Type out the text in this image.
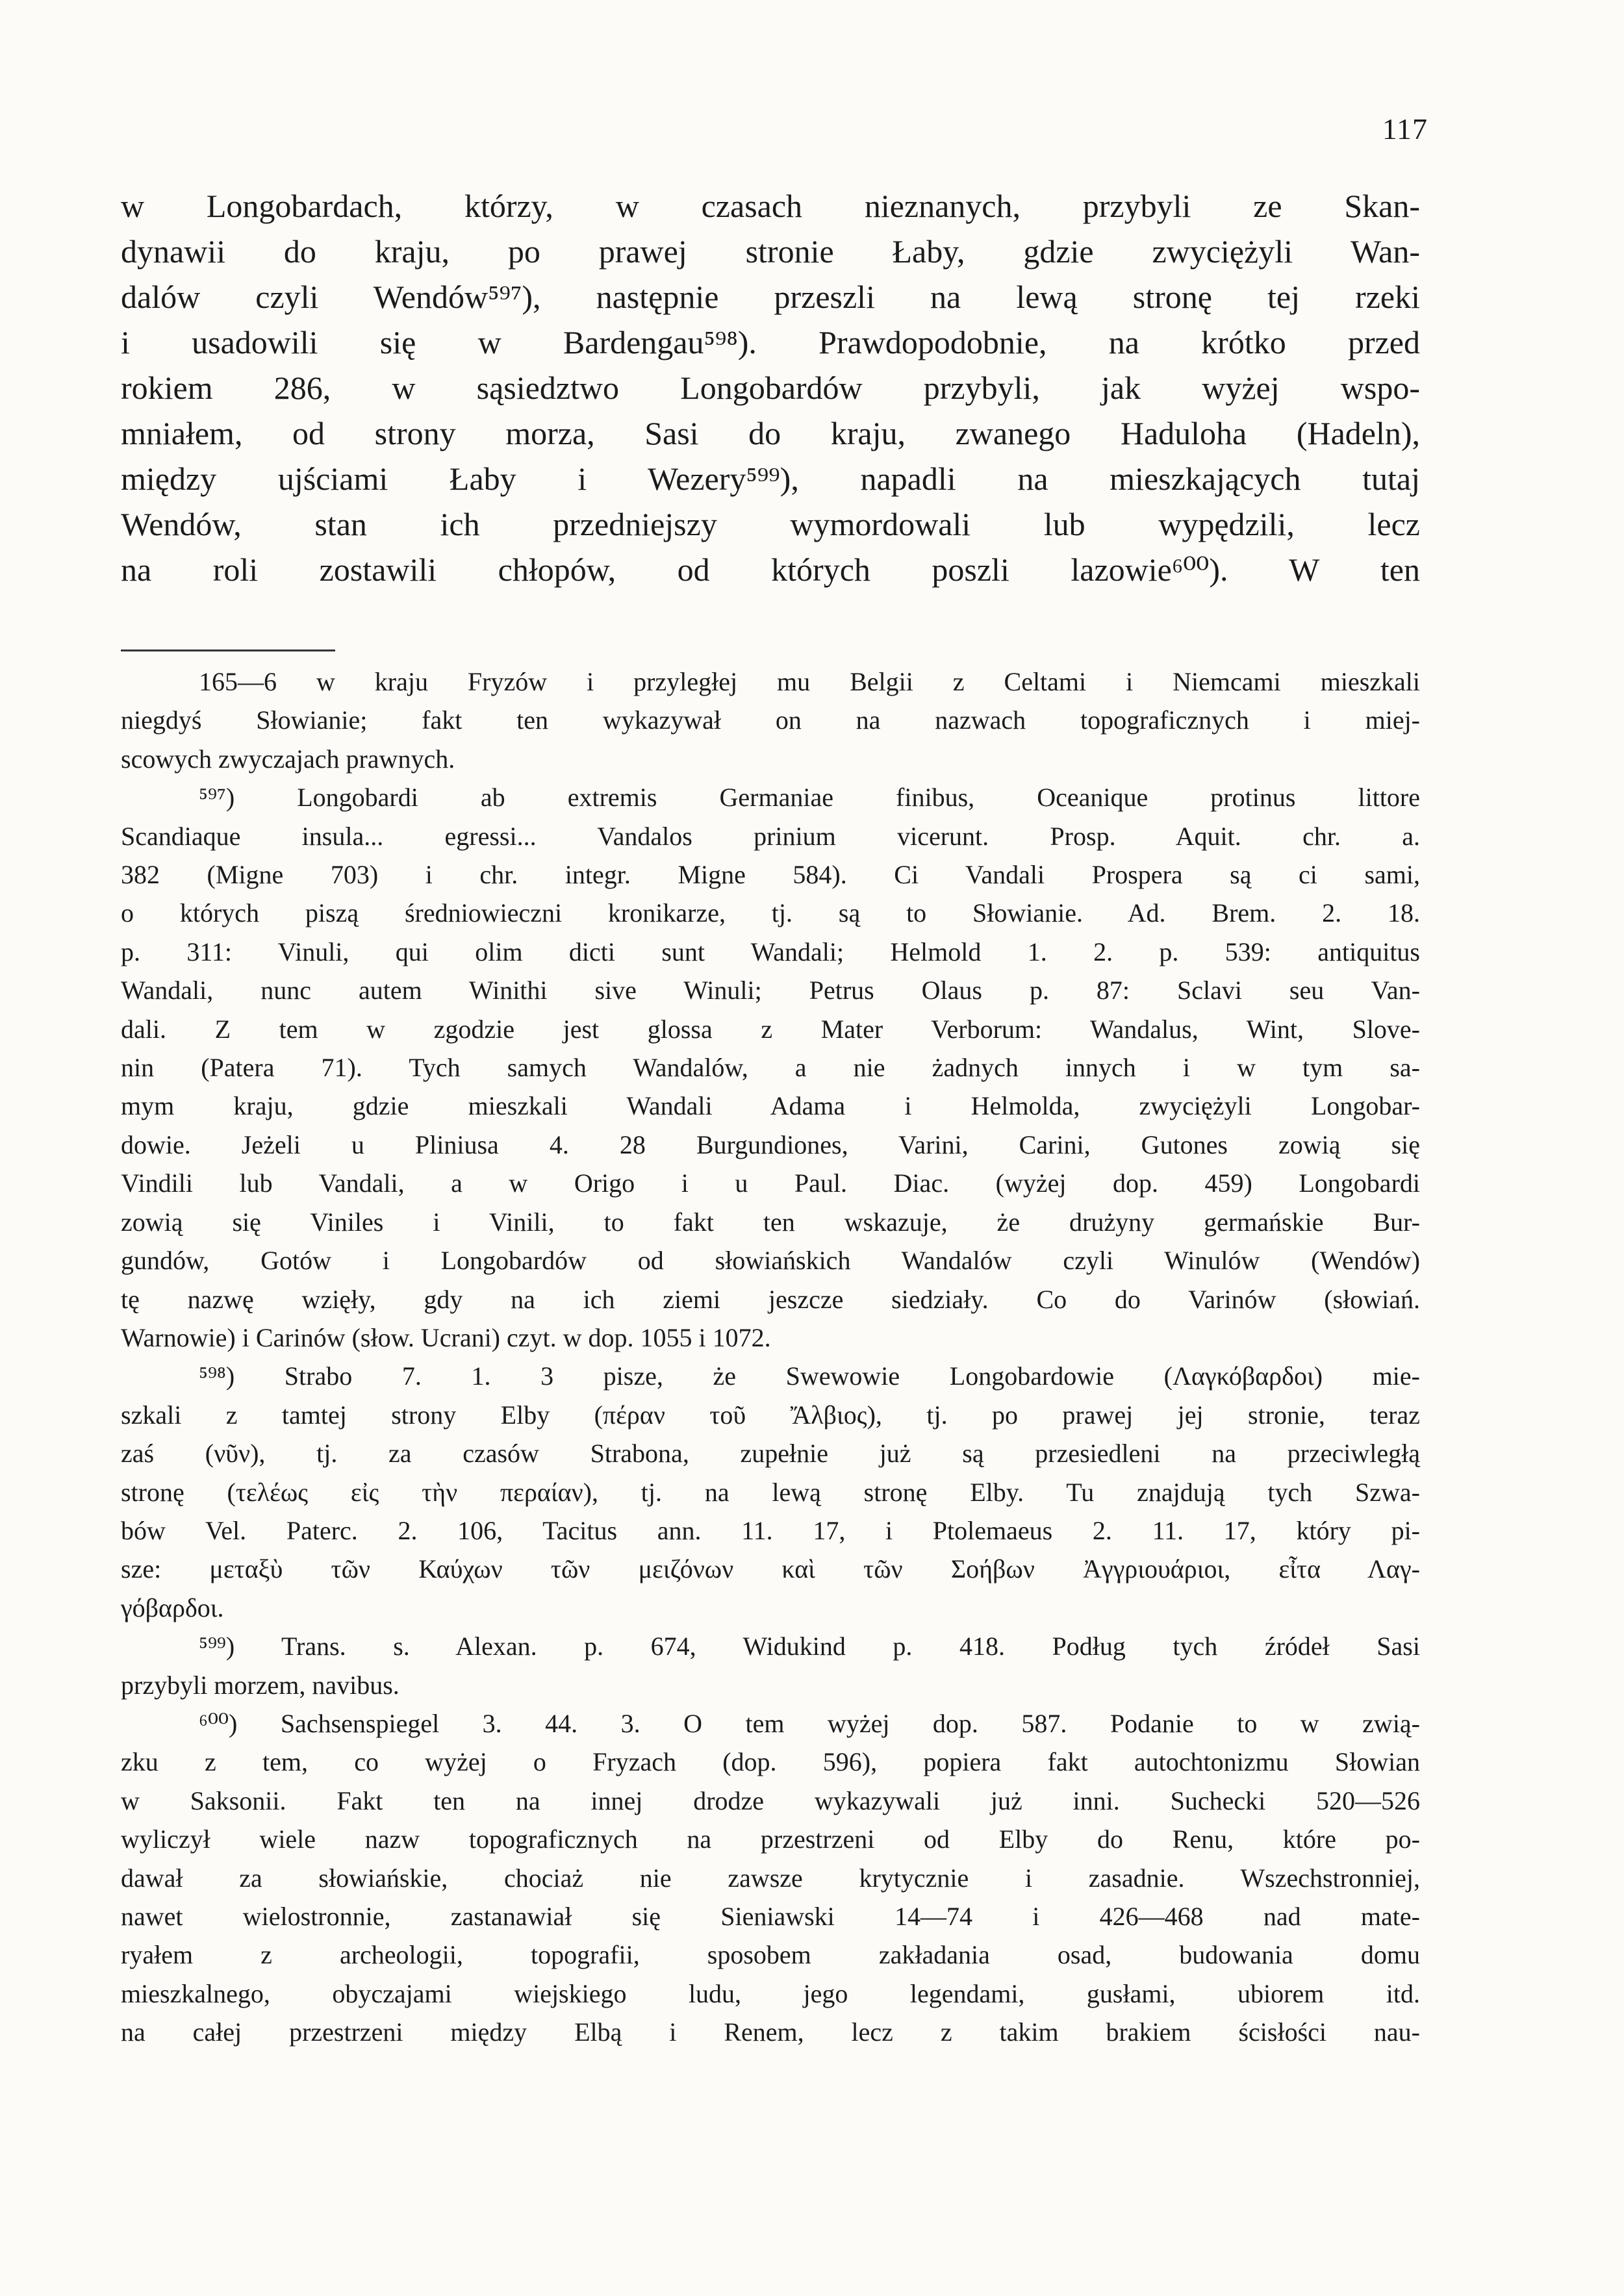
117
w Longobardach, którzy, w czasach nieznanych, przybyli ze Skan-
dynawii do kraju, po prawej stronie Łaby, gdzie zwyciężyli Wan-
dalów czyli Wendów⁵⁹⁷), następnie przeszli na lewą stronę tej rzeki
i usadowili się w Bardengau⁵⁹⁸). Prawdopodobnie, na krótko przed
rokiem 286, w sąsiedztwo Longobardów przybyli, jak wyżej wspo-
mniałem, od strony morza, Sasi do kraju, zwanego Haduloha (Hadeln),
między ujściami Łaby i Wezery⁵⁹⁹), napadli na mieszkających tutaj
Wendów, stan ich przedniejszy wymordowali lub wypędzili, lecz
na roli zostawili chłopów, od których poszli lazowie⁶⁰⁰). W ten
165—6 w kraju Fryzów i przyległej mu Belgii z Celtami i Niemcami mieszkali
niegdyś Słowianie; fakt ten wykazywał on na nazwach topograficznych i miej-
scowych zwyczajach prawnych.
⁵⁹⁷) Longobardi ab extremis Germaniae finibus, Oceanique protinus littore
Scandiaque insula... egressi... Vandalos prinium vicerunt. Prosp. Aquit. chr. a.
382 (Migne 703) i chr. integr. Migne 584). Ci Vandali Prospera są ci sami,
o których piszą średniowieczni kronikarze, tj. są to Słowianie. Ad. Brem. 2. 18.
p. 311: Vinuli, qui olim dicti sunt Wandali; Helmold 1. 2. p. 539: antiquitus
Wandali, nunc autem Winithi sive Winuli; Petrus Olaus p. 87: Sclavi seu Van-
dali. Z tem w zgodzie jest glossa z Mater Verborum: Wandalus, Wint, Slove-
nin (Patera 71). Tych samych Wandalów, a nie żadnych innych i w tym sa-
mym kraju, gdzie mieszkali Wandali Adama i Helmolda, zwyciężyli Longobar-
dowie. Jeżeli u Pliniusa 4. 28 Burgundiones, Varini, Carini, Gutones zowią się
Vindili lub Vandali, a w Origo i u Paul. Diac. (wyżej dop. 459) Longobardi
zowią się Viniles i Vinili, to fakt ten wskazuje, że drużyny germańskie Bur-
gundów, Gotów i Longobardów od słowiańskich Wandalów czyli Winulów (Wendów)
tę nazwę wzięły, gdy na ich ziemi jeszcze siedziały. Co do Varinów (słowiań.
Warnowie) i Carinów (słow. Ucrani) czyt. w dop. 1055 i 1072.
⁵⁹⁸) Strabo 7. 1. 3 pisze, że Swewowie Longobardowie (Λαγκόβαρδοι) mie-
szkali z tamtej strony Elby (πέραν τοῦ Ἄλβιος), tj. po prawej jej stronie, teraz
zaś (νῦν), tj. za czasów Strabona, zupełnie już są przesiedleni na przeciwległą
stronę (τελέως εἰς τὴν περαίαν), tj. na lewą stronę Elby. Tu znajdują tych Szwa-
bów Vel. Paterc. 2. 106, Tacitus ann. 11. 17, i Ptolemaeus 2. 11. 17, który pi-
sze: μεταξὺ τῶν Καύχων τῶν μειζόνων καὶ τῶν Σοήβων Ἀγγριουάριοι, εἶτα Λαγ-
γόβαρδοι.
⁵⁹⁹) Trans. s. Alexan. p. 674, Widukind p. 418. Podług tych źródeł Sasi
przybyli morzem, navibus.
⁶⁰⁰) Sachsenspiegel 3. 44. 3. O tem wyżej dop. 587. Podanie to w zwią-
zku z tem, co wyżej o Fryzach (dop. 596), popiera fakt autochtonizmu Słowian
w Saksonii. Fakt ten na innej drodze wykazywali już inni. Suchecki 520—526
wyliczył wiele nazw topograficznych na przestrzeni od Elby do Renu, które po-
dawał za słowiańskie, chociaż nie zawsze krytycznie i zasadnie. Wszechstronniej,
nawet wielostronnie, zastanawiał się Sieniawski 14—74 i 426—468 nad mate-
ryałem z archeologii, topografii, sposobem zakładania osad, budowania domu
mieszkalnego, obyczajami wiejskiego ludu, jego legendami, gusłami, ubiorem itd.
na całej przestrzeni między Elbą i Renem, lecz z takim brakiem ścisłości nau-
